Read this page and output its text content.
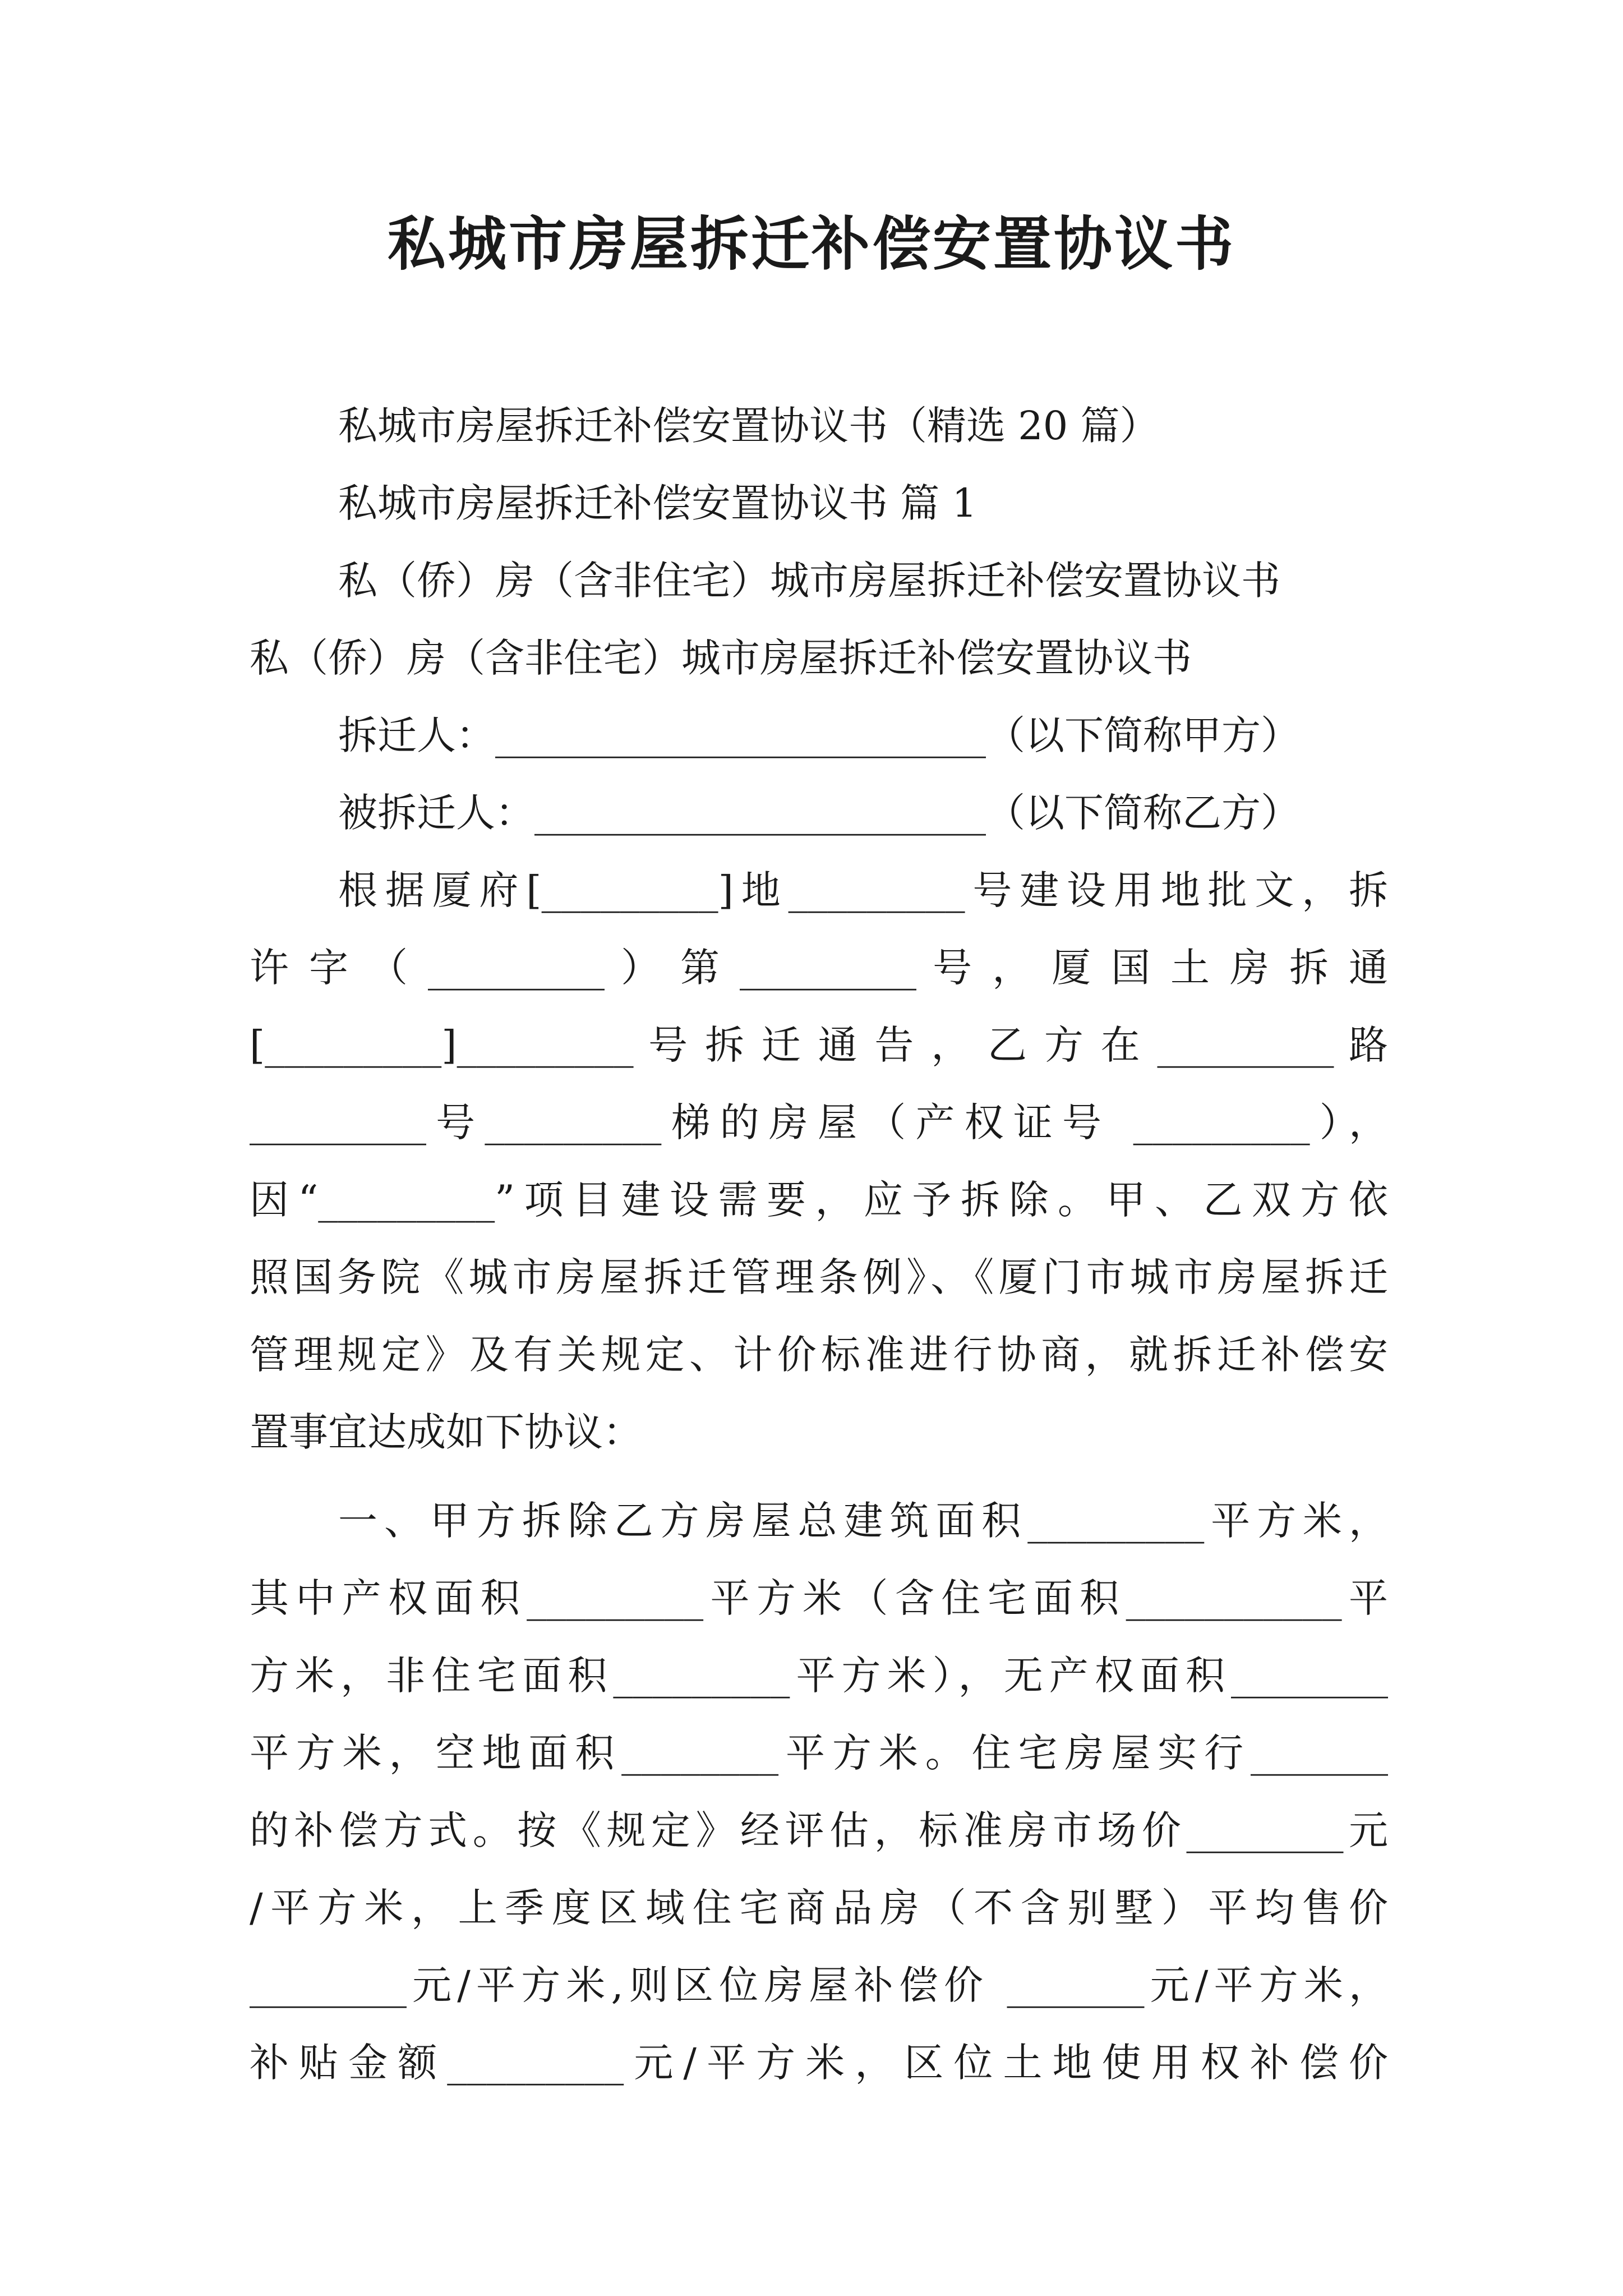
私城市房屋拆迁补偿安置协议书
私城市房屋拆迁补偿安置协议书（精选 20 篇）
私城市房屋拆迁补偿安置协议书 篇 1
私（侨）房（含非住宅）城市房屋拆迁补偿安置协议书
私（侨）房（含非住宅）城市房屋拆迁补偿安置协议书
拆迁人：_________________________（以下简称甲方）
被拆迁人：_______________________（以下简称乙方）
根据厦府[_________]地_________号建设用地批文，拆
许 字 （ _________ ） 第 _________ 号 ， 厦 国 土 房 拆 通
[_________]_________ 号 拆 迁 通 告 ， 乙 方 在 _________ 路
_________号_________梯的房屋（产权证号 _________），
因“_________”项目建设需要，应予拆除。甲、乙双方依
照国务院《城市房屋拆迁管理条例》、《厦门市城市房屋拆迁
管理规定》及有关规定、计价标准进行协商，就拆迁补偿安
置事宜达成如下协议：
一、甲方拆除乙方房屋总建筑面积_________平方米，
其中产权面积_________平方米（含住宅面积___________平
方米，非住宅面积_________平方米），无产权面积________
平方米，空地面积________平方米。住宅房屋实行_______
的补偿方式。按《规定》经评估，标准房市场价________元
/平方米，上季度区域住宅商品房（不含别墅）平均售价
________元/平方米,则区位房屋补偿价 _______元/平方米，
补贴金额_________元/平方米，区位土地使用权补偿价
